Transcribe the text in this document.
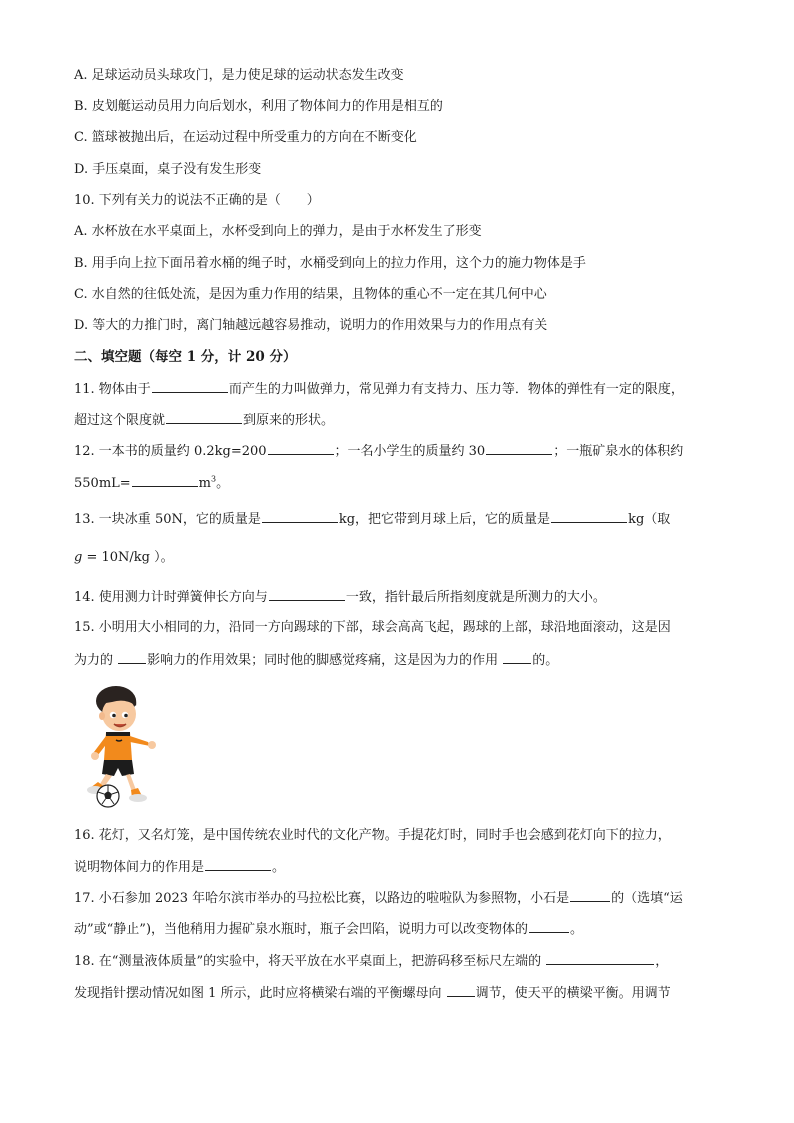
A. 足球运动员头球攻门，是力使足球的运动状态发生改变
B. 皮划艇运动员用力向后划水，利用了物体间力的作用是相互的
C. 篮球被抛出后，在运动过程中所受重力的方向在不断变化
D. 手压桌面，桌子没有发生形变
10. 下列有关力的说法不正确的是（　　）
A. 水杯放在水平桌面上，水杯受到向上的弹力，是由于水杯发生了形变
B. 用手向上拉下面吊着水桶的绳子时，水桶受到向上的拉力作用，这个力的施力物体是手
C. 水自然的往低处流，是因为重力作用的结果，且物体的重心不一定在其几何中心
D. 等大的力推门时，离门轴越远越容易推动，说明力的作用效果与力的作用点有关
二、填空题（每空 1 分，计 20 分）
11. 物体由于	而产生的力叫做弹力，常见弹力有支持力、压力等．物体的弹性有一定的限度，
超过这个限度就	到原来的形状。
12. 一本书的质量约 0.2kg=200	；一名小学生的质量约 30	；一瓶矿泉水的体积约
550mL=	$m^3$。
13. 一块冰重 50N，它的质量是	kg，把它带到月球上后，它的质量是	kg（取
g = 10N/kg ）。
14. 使用测力计时弹簧伸长方向与	一致，指针最后所指刻度就是所测力的大小。
15. 小明用大小相同的力，沿同一方向踢球的下部，球会高高飞起，踢球的上部，球沿地面滚动，这是因
为力的 影响力的作用效果；同时他的脚感觉疼痛，这是因为力的作用 的。
16. 花灯，又名灯笼，是中国传统农业时代的文化产物。手提花灯时，同时手也会感到花灯向下的拉力，
说明物体间力的作用是	。
17. 小石参加 2023 年哈尔滨市举办的马拉松比赛，以路边的啦啦队为参照物，小石是	的（选填“运
动”或“静止”)，当他稍用力握矿泉水瓶时，瓶子会凹陷，说明力可以改变物体的	。
18. 在“测量液体质量”的实验中，将天平放在水平桌面上，把游码移至标尺左端的	，
发现指针摆动情况如图 1 所示，此时应将横梁右端的平衡螺母向 调节，使天平的横梁平衡。用调节
